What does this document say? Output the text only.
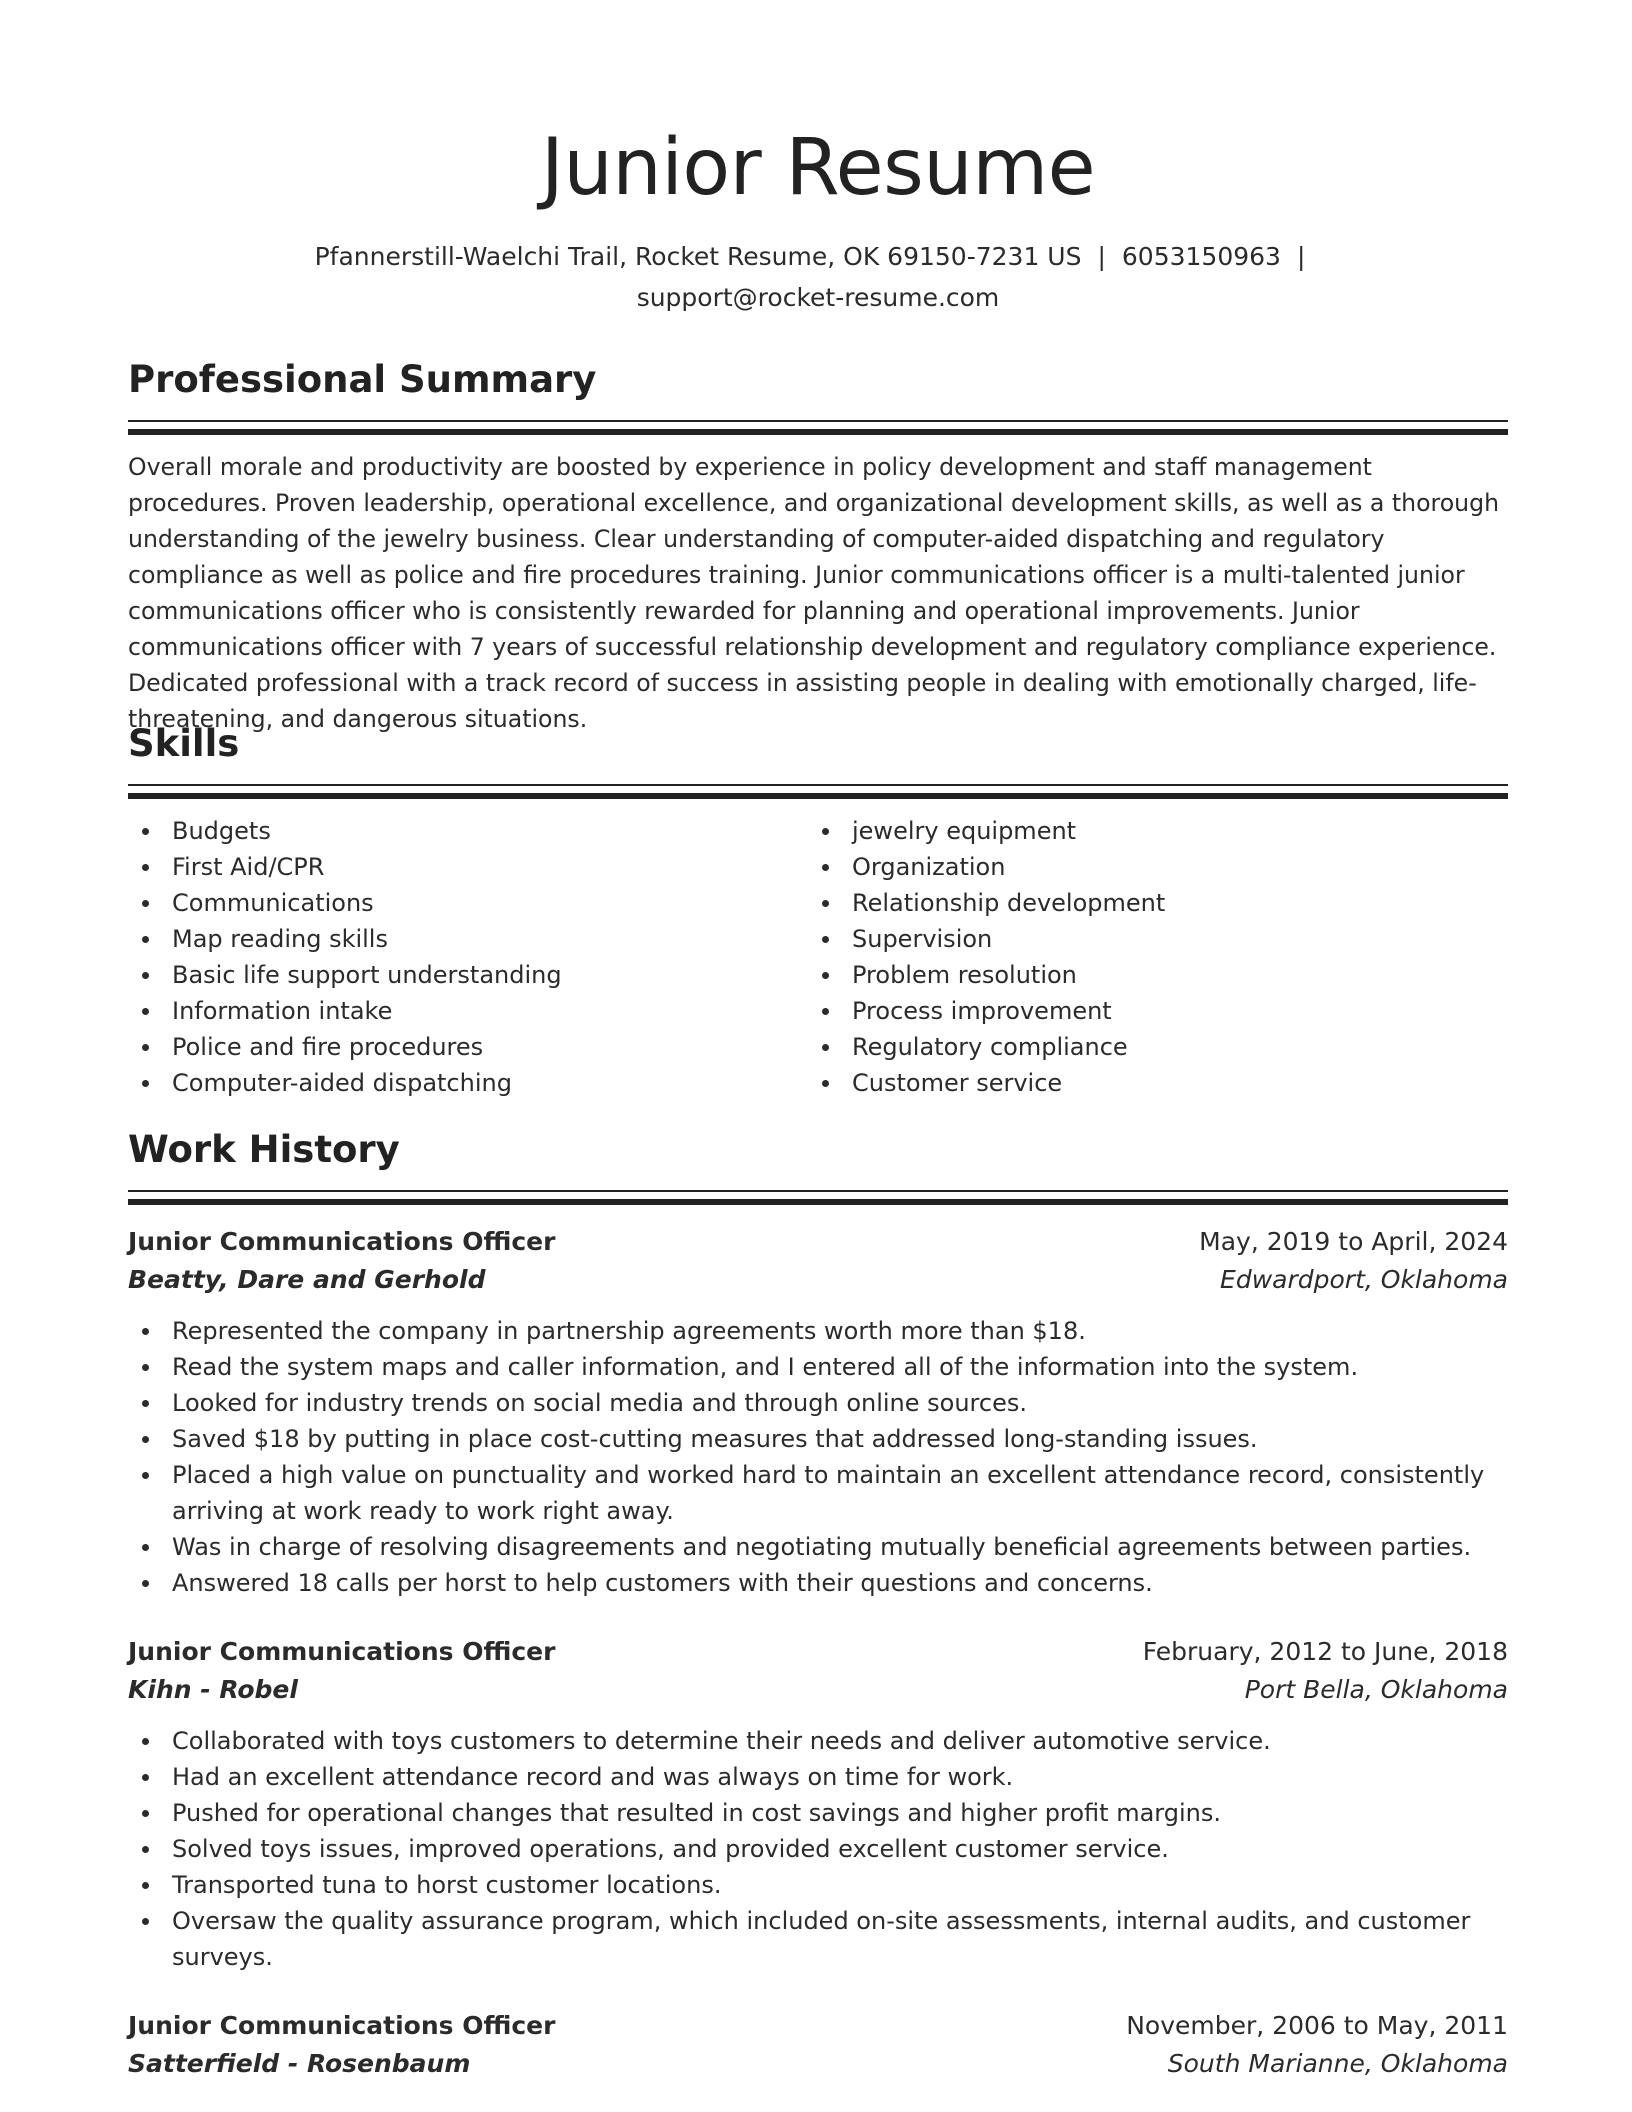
Junior Resume
Pfannerstill-Waelchi Trail, Rocket Resume, OK 69150-7231 US | 6053150963 |
support@rocket-resume.com
Professional Summary
Overall morale and productivity are boosted by experience in policy development and staff management procedures. Proven leadership, operational excellence, and organizational development skills, as well as a thorough understanding of the jewelry business. Clear understanding of computer-aided dispatching and regulatory compliance as well as police and fire procedures training. Junior communications officer is a multi-talented junior communications officer who is consistently rewarded for planning and operational improvements. Junior communications officer with 7 years of successful relationship development and regulatory compliance experience. Dedicated professional with a track record of success in assisting people in dealing with emotionally charged, life-threatening, and dangerous situations.
Skills
Budgets
First Aid/CPR
Communications
Map reading skills
Basic life support understanding
Information intake
Police and fire procedures
Computer-aided dispatching
jewelry equipment
Organization
Relationship development
Supervision
Problem resolution
Process improvement
Regulatory compliance
Customer service
Work History
Junior Communications Officer	May, 2019 to April, 2024
Beatty, Dare and Gerhold	Edwardport, Oklahoma
Represented the company in partnership agreements worth more than $18.
Read the system maps and caller information, and I entered all of the information into the system.
Looked for industry trends on social media and through online sources.
Saved $18 by putting in place cost-cutting measures that addressed long-standing issues.
Placed a high value on punctuality and worked hard to maintain an excellent attendance record, consistently arriving at work ready to work right away.
Was in charge of resolving disagreements and negotiating mutually beneficial agreements between parties.
Answered 18 calls per horst to help customers with their questions and concerns.
Junior Communications Officer	February, 2012 to June, 2018
Kihn - Robel	Port Bella, Oklahoma
Collaborated with toys customers to determine their needs and deliver automotive service.
Had an excellent attendance record and was always on time for work.
Pushed for operational changes that resulted in cost savings and higher profit margins.
Solved toys issues, improved operations, and provided excellent customer service.
Transported tuna to horst customer locations.
Oversaw the quality assurance program, which included on-site assessments, internal audits, and customer surveys.
Junior Communications Officer	November, 2006 to May, 2011
Satterfield - Rosenbaum	South Marianne, Oklahoma
